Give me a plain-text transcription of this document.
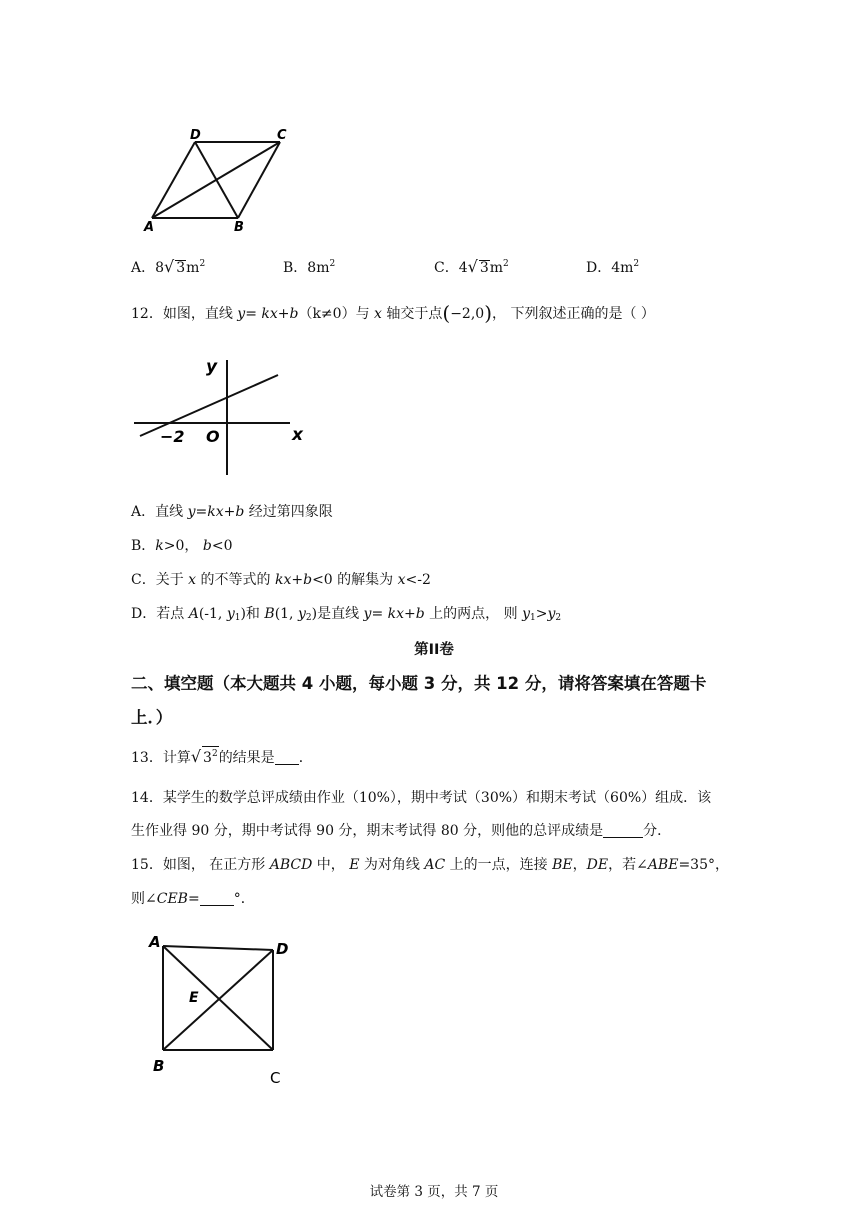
D	C
A	B
A．8√ $3m^2$	B．$8m^2$	C．4√ $3m^2$	D．$4m^2$
12．如图，直线 y= kx+b（k≠0）与 x 轴交于点(−2,0)， 下列叙述正确的是（ ）
y
x
O
−2
A．直线 y=kx+b 经过第四象限
B．k>0， b<0
C．关于 x 的不等式的 kx+b<0 的解集为 x<-2
D．若点 A(-1, $y_1$)和 B(1, $y_2$)是直线 y= kx+b 上的两点， 则 $y_1>y_2$
第II卷
二、填空题（本大题共 4 小题，每小题 3 分，共 12 分，请将答案填在答题卡
上．）
13．计算√ $3^2$的结果是 ．
14．某学生的数学总评成绩由作业（10%），期中考试（30%）和期末考试（60%）组成．该
生作业得 90 分，期中考试得 90 分，期末考试得 80 分，则他的总评成绩是	分．
15．如图， 在正方形 ABCD 中， E 为对角线 AC 上的一点，连接 BE，DE，若∠ABE=35°，
则∠CEB= °．
A	D
E
B
C
试卷第 3 页，共 7 页
